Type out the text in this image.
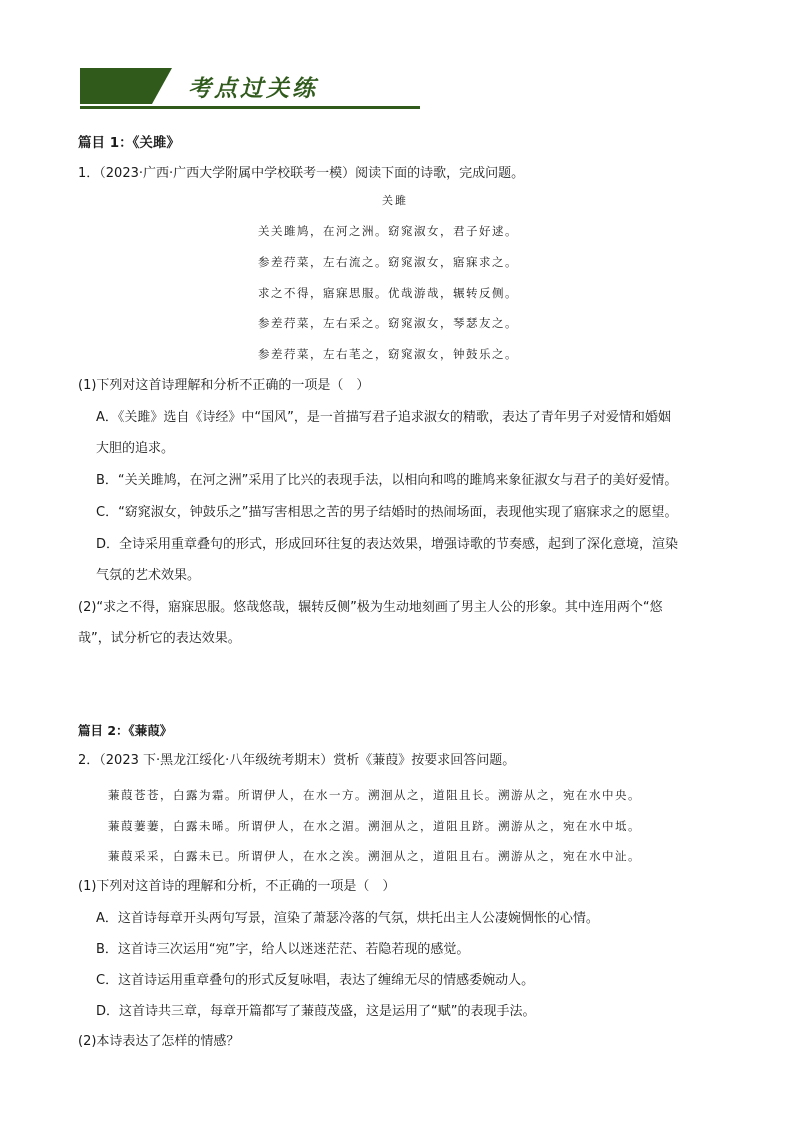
考点过关练
篇目 1：《关雎》
1．（2023·广西·广西大学附属中学校联考一模）阅读下面的诗歌，完成问题。
关雎
关关雎鸠，在河之洲。窈窕淑女，君子好逑。
参差荇菜，左右流之。窈窕淑女，寤寐求之。
求之不得，寤寐思服。优哉游哉，辗转反侧。
参差荇菜，左右采之。窈窕淑女，琴瑟友之。
参差荇菜，左右芼之，窈窕淑女，钟鼓乐之。
(1)下列对这首诗理解和分析不正确的一项是（　）
A．《关雎》选自《诗经》中“国风”，是一首描写君子追求淑女的精歌，表达了青年男子对爱情和婚姻
大胆的追求。
B．“关关雎鸠，在河之洲”采用了比兴的表现手法，以相向和鸣的雎鸠来象征淑女与君子的美好爱情。
C．“窈窕淑女，钟鼓乐之”描写害相思之苦的男子结婚时的热闹场面，表现他实现了寤寐求之的愿望。
D．全诗采用重章叠句的形式，形成回环往复的表达效果，增强诗歌的节奏感，起到了深化意境，渲染
气氛的艺术效果。
(2)“求之不得，寤寐思服。悠哉悠哉，辗转反侧”极为生动地刻画了男主人公的形象。其中连用两个“悠
哉”，试分析它的表达效果。
篇目 2：《蒹葭》
2．（2023 下·黑龙江绥化·八年级统考期末）赏析《蒹葭》按要求回答问题。
蒹葭苍苍，白露为霜。所谓伊人，在水一方。溯洄从之，道阻且长。溯游从之，宛在水中央。
蒹葭萋萋，白露未晞。所谓伊人，在水之湄。溯洄从之，道阻且跻。溯游从之，宛在水中坻。
蒹葭采采，白露未已。所谓伊人，在水之涘。溯洄从之，道阻且右。溯游从之，宛在水中沚。
(1)下列对这首诗的理解和分析，不正确的一项是（　）
A．这首诗每章开头两句写景，渲染了萧瑟冷落的气氛，烘托出主人公凄婉惆怅的心情。
B．这首诗三次运用“宛”字，给人以迷迷茫茫、若隐若现的感觉。
C．这首诗运用重章叠句的形式反复咏唱，表达了缠绵无尽的情感委婉动人。
D．这首诗共三章，每章开篇都写了蒹葭茂盛，这是运用了“赋”的表现手法。
(2)本诗表达了怎样的情感？
